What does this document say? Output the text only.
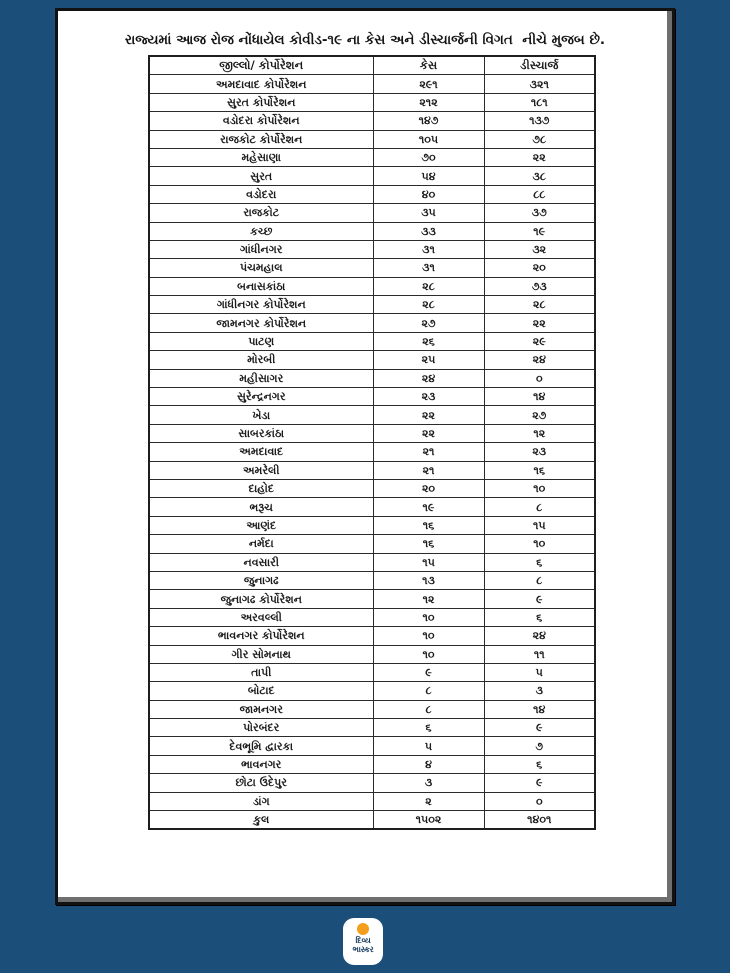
રાજ્યમાં આજ રોજ નોંધાયેલ કોવીડ-૧૯ ના કેસ અને ડીસ્ચાર્જની વિગત  નીચે મુજબ છે.
જીલ્લો/ કોર્પોરેશન	કેસ	ડીસ્ચાર્જ
અમદાવાદ કોર્પોરેશન	૨૯૧	૩૨૧
સુરત કોર્પોરેશન	૨૧૨	૧૮૧
વડોદરા કોર્પોરેશન	૧૪૭	૧૩૭
રાજકોટ કોર્પોરેશન	૧૦૫	૭૮
મહેસાણા	૭૦	૨૨
સુરત	૫૪	૩૮
વડોદરા	૪૦	૮૮
રાજકોટ	૩૫	૩૭
કચ્છ	૩૩	૧૯
ગાંધીનગર	૩૧	૩૨
પંચમહાલ	૩૧	૨૦
બનાસકાંઠા	૨૮	૭૩
ગાંધીનગર કોર્પોરેશન	૨૮	૨૮
જામનગર કોર્પોરેશન	૨૭	૨૨
પાટણ	૨૬	૨૯
મોરબી	૨૫	૨૪
મહીસાગર	૨૪	૦
સુરેન્દ્રનગર	૨૩	૧૪
ખેડા	૨૨	૨૭
સાબરકાંઠા	૨૨	૧૨
અમદાવાદ	૨૧	૨૩
અમરેલી	૨૧	૧૬
દાહોદ	૨૦	૧૦
ભરૂચ	૧૯	૮
આણંદ	૧૬	૧૫
નર્મદા	૧૬	૧૦
નવસારી	૧૫	૬
જુનાગઢ	૧૩	૮
જુનાગઢ કોર્પોરેશન	૧૨	૯
અરવલ્લી	૧૦	૬
ભાવનગર કોર્પોરેશન	૧૦	૨૪
ગીર સોમનાથ	૧૦	૧૧
તાપી	૯	૫
બોટાદ	૮	૩
જામનગર	૮	૧૪
પોરબંદર	૬	૯
દેવભૂમિ દ્વારકા	૫	૭
ભાવનગર	૪	૬
છોટા ઉદેપુર	૩	૯
ડાંગ	૨	૦
કુલ	૧૫૦૨	૧૪૦૧
દિવ્ય
ભાસ્કર
